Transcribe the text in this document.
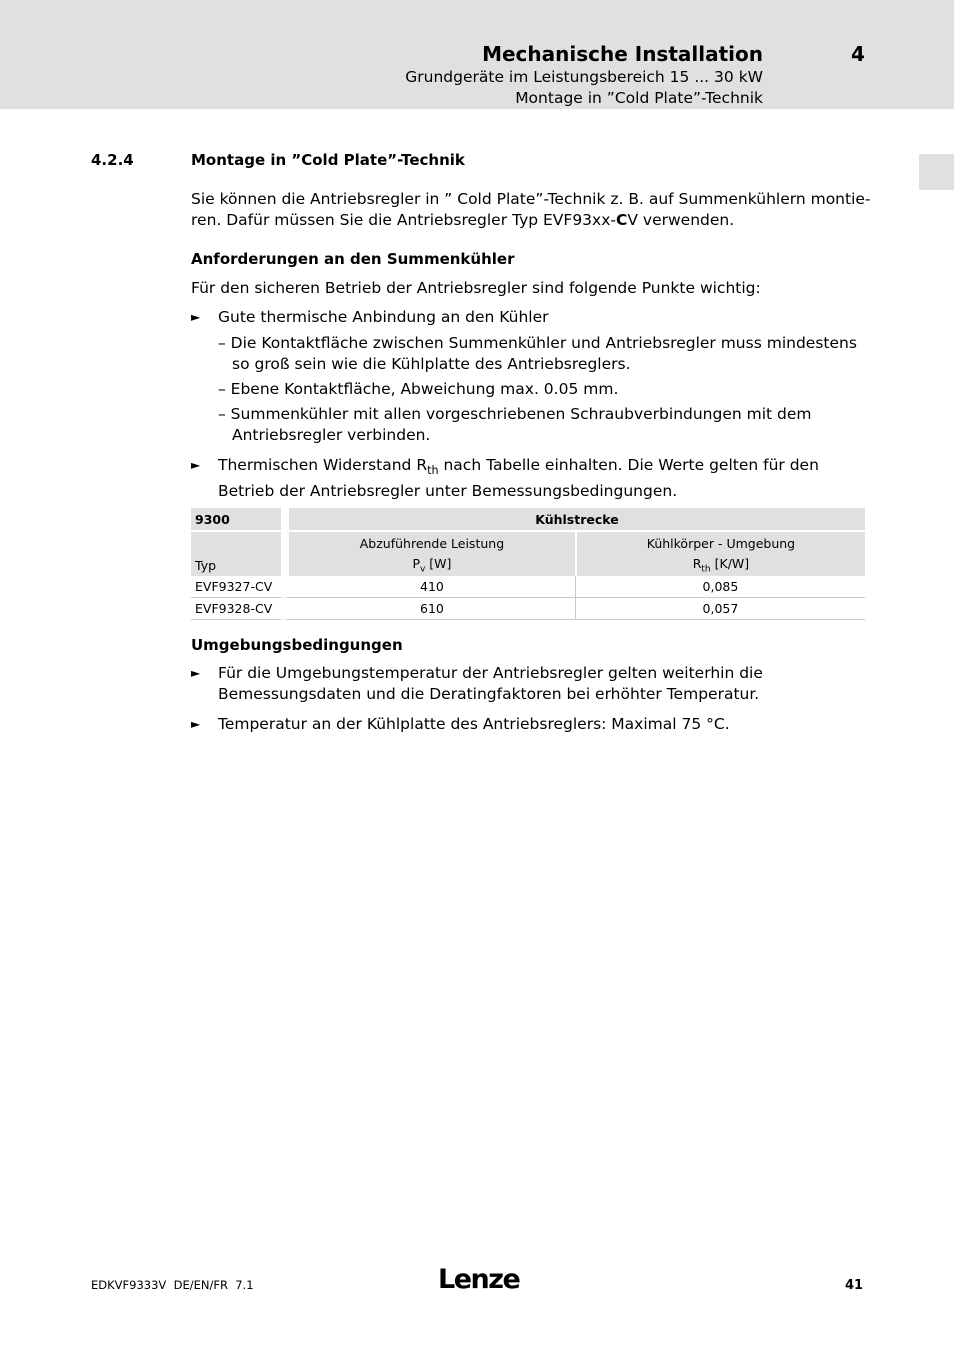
Mechanische Installation	4
Grundgeräte im Leistungsbereich 15 ... 30 kW
Montage in ”Cold Plate”-Technik
4.2.4	Montage in ”Cold Plate”-Technik
Sie können die Antriebsregler in ” Cold Plate”-Technik z. B. auf Summenkühlern montie- ren. Dafür müssen Sie die Antriebsregler Typ EVF93xx-CV verwenden.
Anforderungen an den Summenkühler
Für den sicheren Betrieb der Antriebsregler sind folgende Punkte wichtig:
► Gute thermische Anbindung an den Kühler
– Die Kontaktfläche zwischen Summenkühler und Antriebsregler muss mindestens so groß sein wie die Kühlplatte des Antriebsreglers.
– Ebene Kontaktfläche, Abweichung max. 0.05 mm.
– Summenkühler mit allen vorgeschriebenen Schraubverbindungen mit dem Antriebsregler verbinden.
► Thermischen Widerstand $R_{th}$ nach Tabelle einhalten. Die Werte gelten für den Betrieb der Antriebsregler unter Bemessungsbedingungen.
9300	Kühlstrecke	
	Abzuführende Leistung	Kühlkörper - Umgebung
Typ	$P_v$ [W]	$R_{th}$ [K/W]
EVF9327-CV	410	0,085
EVF9328-CV	610	0,057
Umgebungsbedingungen
► Für die Umgebungstemperatur der Antriebsregler gelten weiterhin die Bemessungsdaten und die Deratingfaktoren bei erhöhter Temperatur.
► Temperatur an der Kühlplatte des Antriebsreglers: Maximal 75 °C.
EDKVF9333V  DE/EN/FR  7.1	Lenze	41
